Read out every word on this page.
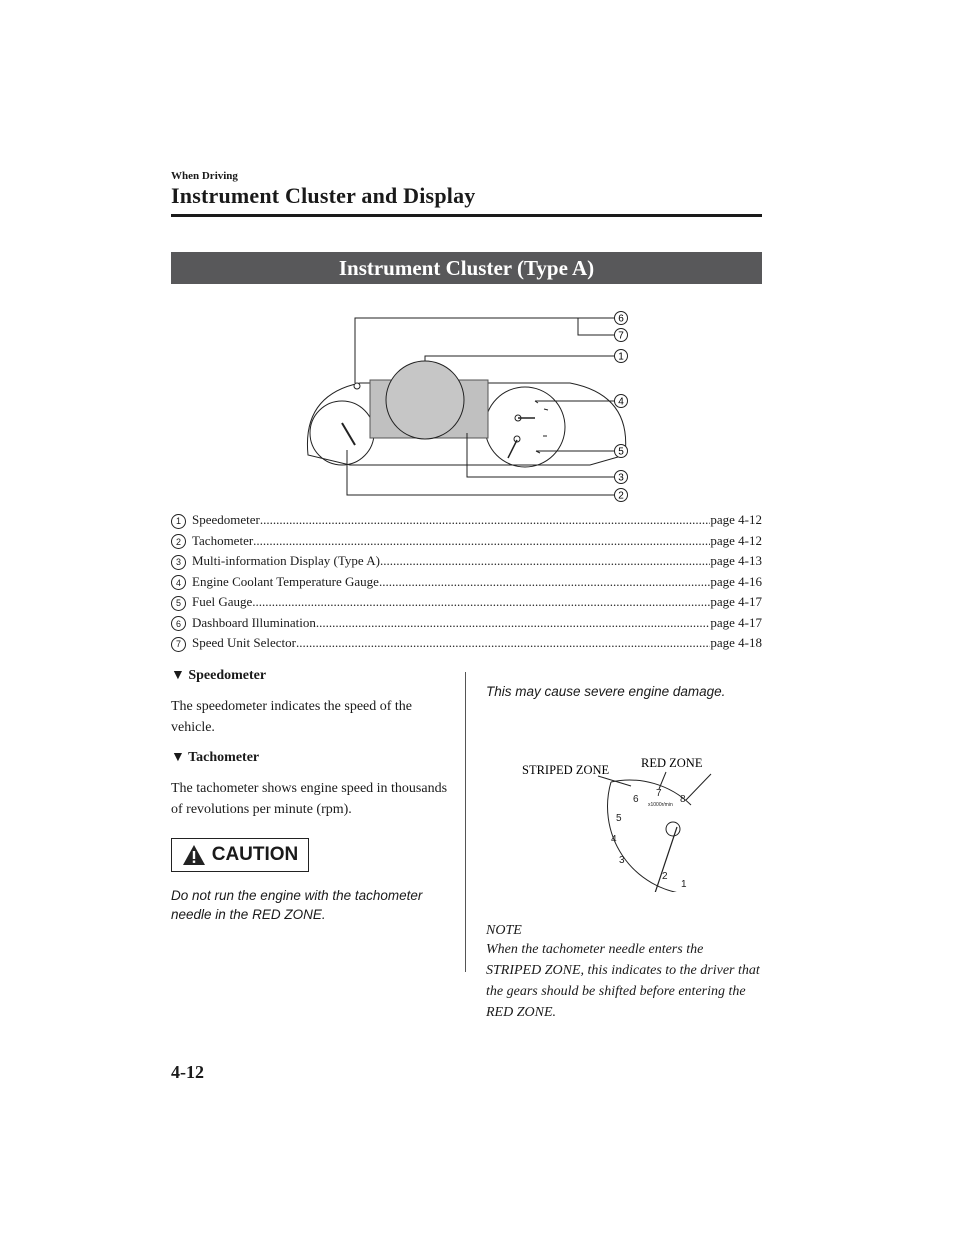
When Driving
Instrument Cluster and Display
Instrument Cluster (Type A)
6
7
1
4
5
3
2
1 Speedometer .....	page 4-12
2 Tachometer .....	page 4-12
3 Multi-information Display (Type A) .....	page 4-13
4 Engine Coolant Temperature Gauge .....	page 4-16
5 Fuel Gauge .....	page 4-17
6 Dashboard Illumination .....	page 4-17
7 Speed Unit Selector .....	page 4-18

▼ Speedometer

The speedometer indicates the speed of the vehicle.

▼ Tachometer

The tachometer shows engine speed in thousands of revolutions per minute (rpm).

CAUTION

Do not run the engine with the tachometer needle in the RED ZONE.

This may cause severe engine damage.

STRIPED ZONE	RED ZONE
1
2
3
4
5
6
7
8
x1000r/min

NOTE

When the tachometer needle enters the STRIPED ZONE, this indicates to the driver that the gears should be shifted before entering the RED ZONE.

4-12
